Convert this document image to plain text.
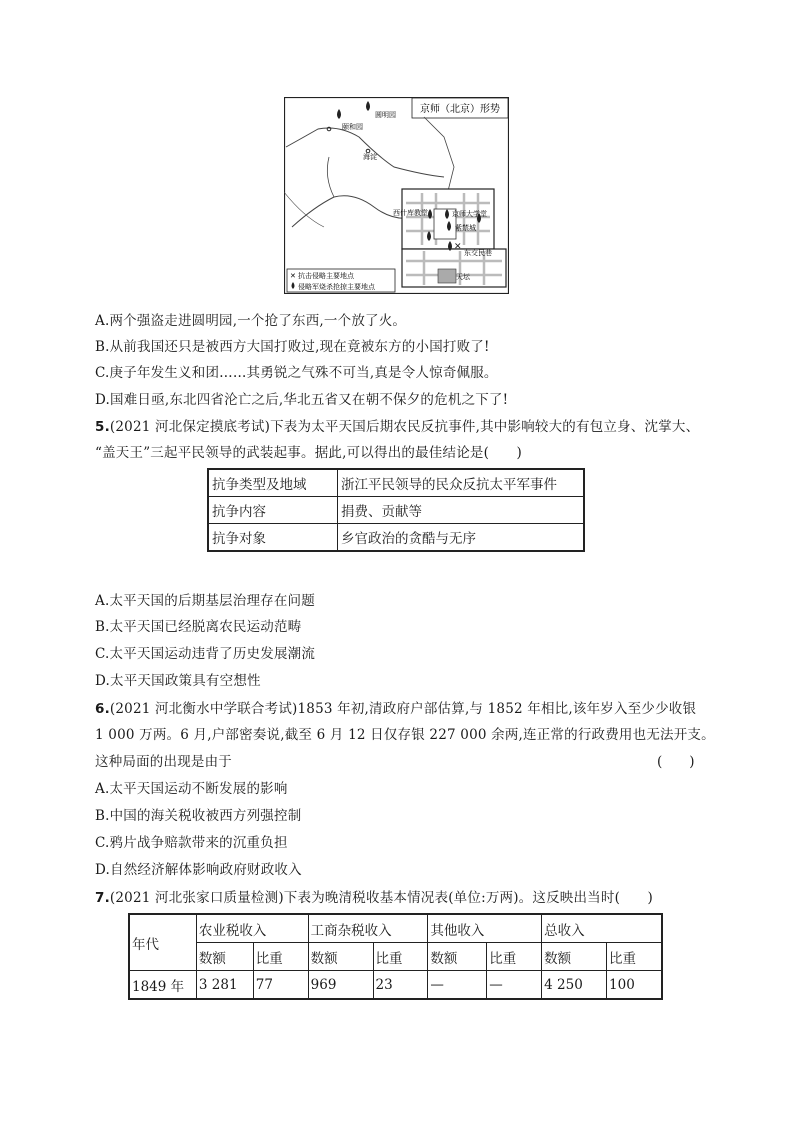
京师（北京）形势
✕
圆明园
颐和园
海淀
西什库教堂	京师大学堂
紫禁城
东交民巷
天坛
✕ 抗击侵略主要地点
侵略军烧杀抢掠主要地点
A.两个强盗走进圆明园,一个抢了东西,一个放了火。
B.从前我国还只是被西方大国打败过,现在竟被东方的小国打败了!
C.庚子年发生义和团……其勇锐之气殊不可当,真是令人惊奇佩服。
D.国难日亟,东北四省沦亡之后,华北五省又在朝不保夕的危机之下了!
5.(2021 河北保定摸底考试)下表为太平天国后期农民反抗事件,其中影响较大的有包立身、沈掌大、
“盖天王”三起平民领导的武装起事。据此,可以得出的最佳结论是(　　)
抗争类型及地域	浙江平民领导的民众反抗太平军事件
抗争内容	捐费、贡献等
抗争对象	乡官政治的贪酷与无序
A.太平天国的后期基层治理存在问题
B.太平天国已经脱离农民运动范畴
C.太平天国运动违背了历史发展潮流
D.太平天国政策具有空想性
6.(2021 河北衡水中学联合考试)1853 年初,清政府户部估算,与 1852 年相比,该年岁入至少少收银
1 000 万两。6 月,户部密奏说,截至 6 月 12 日仅存银 227 000 余两,连正常的行政费用也无法开支。
这种局面的出现是由于	(　　)
A.太平天国运动不断发展的影响
B.中国的海关税收被西方列强控制
C.鸦片战争赔款带来的沉重负担
D.自然经济解体影响政府财政收入
7.(2021 河北张家口质量检测)下表为晚清税收基本情况表(单位:万两)。这反映出当时(　　)
年代	农业税收入		工商杂税收入		其他收入		总收入	
	数额	比重	数额	比重	数额	比重	数额	比重
1849 年	3 281	77	969	23	—	—	4 250	100
